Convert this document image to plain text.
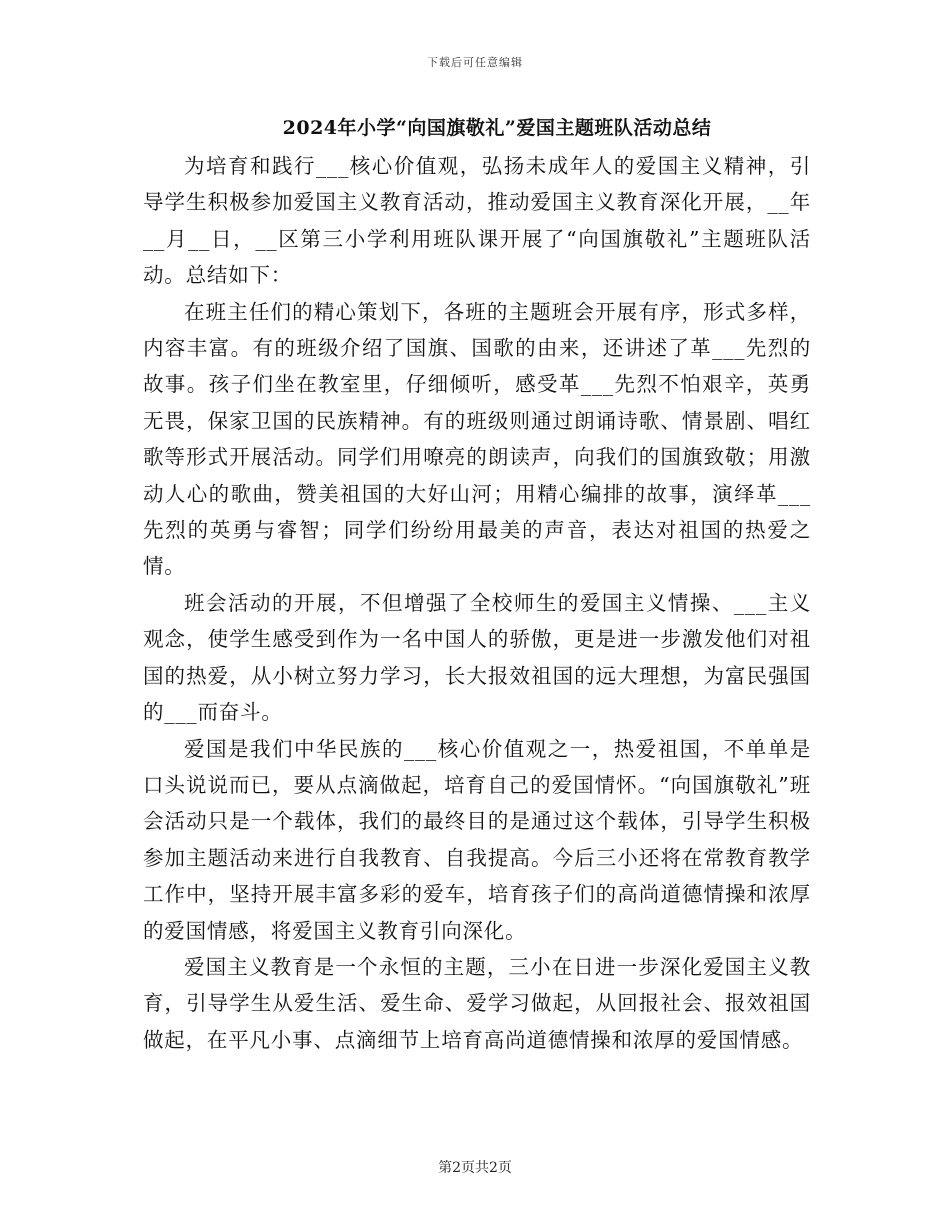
下载后可任意编辑
2024年小学“向国旗敬礼”爱国主题班队活动总结

为培育和践行___核心价值观，弘扬未成年人的爱国主义精神，引导学生积极参加爱国主义教育活动，推动爱国主义教育深化开展，__年__月__日，__区第三小学利用班队课开展了“向国旗敬礼”主题班队活动。总结如下：

在班主任们的精心策划下，各班的主题班会开展有序，形式多样，内容丰富。有的班级介绍了国旗、国歌的由来，还讲述了革___先烈的故事。孩子们坐在教室里，仔细倾听，感受革___先烈不怕艰辛，英勇无畏，保家卫国的民族精神。有的班级则通过朗诵诗歌、情景剧、唱红歌等形式开展活动。同学们用嘹亮的朗读声，向我们的国旗致敬；用激动人心的歌曲，赞美祖国的大好山河；用精心编排的故事，演绎革___先烈的英勇与睿智；同学们纷纷用最美的声音，表达对祖国的热爱之情。

班会活动的开展，不但增强了全校师生的爱国主义情操、___主义观念，使学生感受到作为一名中国人的骄傲，更是进一步激发他们对祖国的热爱，从小树立努力学习，长大报效祖国的远大理想，为富民强国的___而奋斗。

爱国是我们中华民族的___核心价值观之一，热爱祖国，不单单是口头说说而已，要从点滴做起，培育自己的爱国情怀。“向国旗敬礼”班会活动只是一个载体，我们的最终目的是通过这个载体，引导学生积极参加主题活动来进行自我教育、自我提高。今后三小还将在常教育教学工作中，坚持开展丰富多彩的爱车，培育孩子们的高尚道德情操和浓厚的爱国情感，将爱国主义教育引向深化。

爱国主义教育是一个永恒的主题，三小在日进一步深化爱国主义教育，引导学生从爱生活、爱生命、爱学习做起，从回报社会、报效祖国做起，在平凡小事、点滴细节上培育高尚道德情操和浓厚的爱国情感。

第2页共2页
